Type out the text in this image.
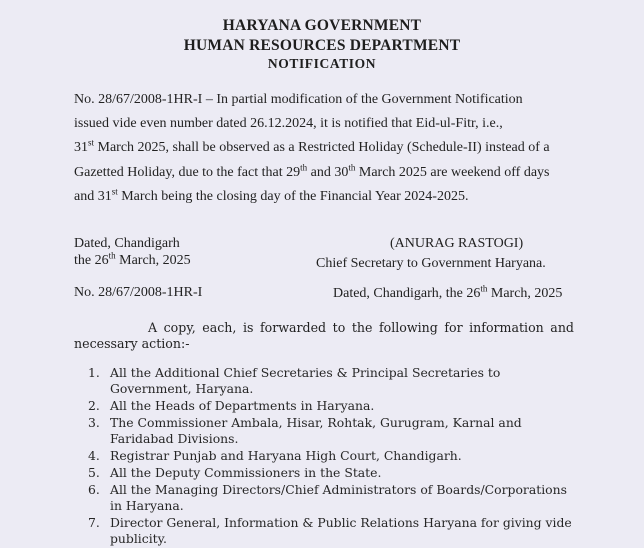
HARYANA GOVERNMENT
HUMAN RESOURCES DEPARTMENT
NOTIFICATION
No. 28/67/2008-1HR-I – In partial modification of the Government Notification
issued vide even number dated 26.12.2024, it is notified that Eid-ul-Fitr, i.e.,
31st March 2025, shall be observed as a Restricted Holiday (Schedule-II) instead of a
Gazetted Holiday, due to the fact that 29th and 30th March 2025 are weekend off days
and 31st March being the closing day of the Financial Year 2024-2025.
Dated, Chandigarh
the 26th March, 2025
(ANURAG RASTOGI)
Chief Secretary to Government Haryana.
No. 28/67/2008-1HR-I	Dated, Chandigarh, the 26th March, 2025
A copy, each, is forwarded to the following for information and necessary action:-
1. All the Additional Chief Secretaries & Principal Secretaries to Government, Haryana.
2. All the Heads of Departments in Haryana.
3. The Commissioner Ambala, Hisar, Rohtak, Gurugram, Karnal and Faridabad Divisions.
4. Registrar Punjab and Haryana High Court, Chandigarh.
5. All the Deputy Commissioners in the State.
6. All the Managing Directors/Chief Administrators of Boards/Corporations in Haryana.
7. Director General, Information & Public Relations Haryana for giving vide publicity.
